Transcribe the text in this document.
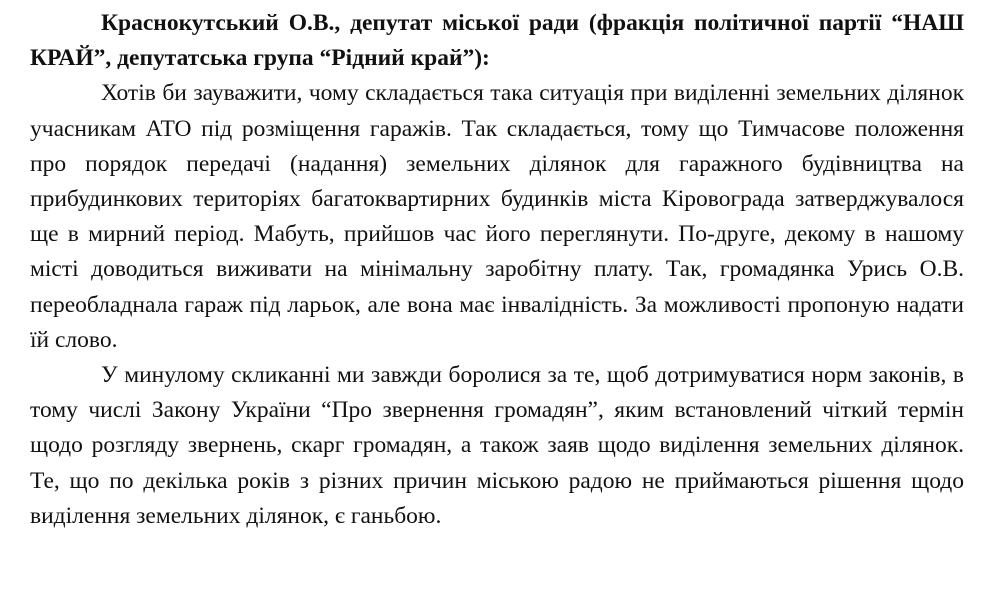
Краснокутський О.В., депутат міської ради (фракція політичної партії “НАШ КРАЙ”, депутатська група “Рідний край”):

Хотів би зауважити, чому складається така ситуація при виділенні земельних ділянок учасникам АТО під розміщення гаражів. Так складається, тому що Тимчасове положення про порядок передачі (надання) земельних ділянок для гаражного будівництва на прибудинкових територіях багатоквартирних будинків міста Кіровограда затверджувалося ще в мирний період. Мабуть, прийшов час його переглянути. По-друге, декому в нашому місті доводиться виживати на мінімальну заробітну плату. Так, громадянка Урись О.В. переобладнала гараж під ларьок, але вона має інвалідність. За можливості пропоную надати їй слово.

У минулому скликанні ми завжди боролися за те, щоб дотримуватися норм законів, в тому числі Закону України “Про звернення громадян”, яким встановлений чіткий термін щодо розгляду звернень, скарг громадян, а також заяв щодо виділення земельних ділянок. Те, що по декілька років з різних причин міською радою не приймаються рішення щодо виділення земельних ділянок, є ганьбою.
